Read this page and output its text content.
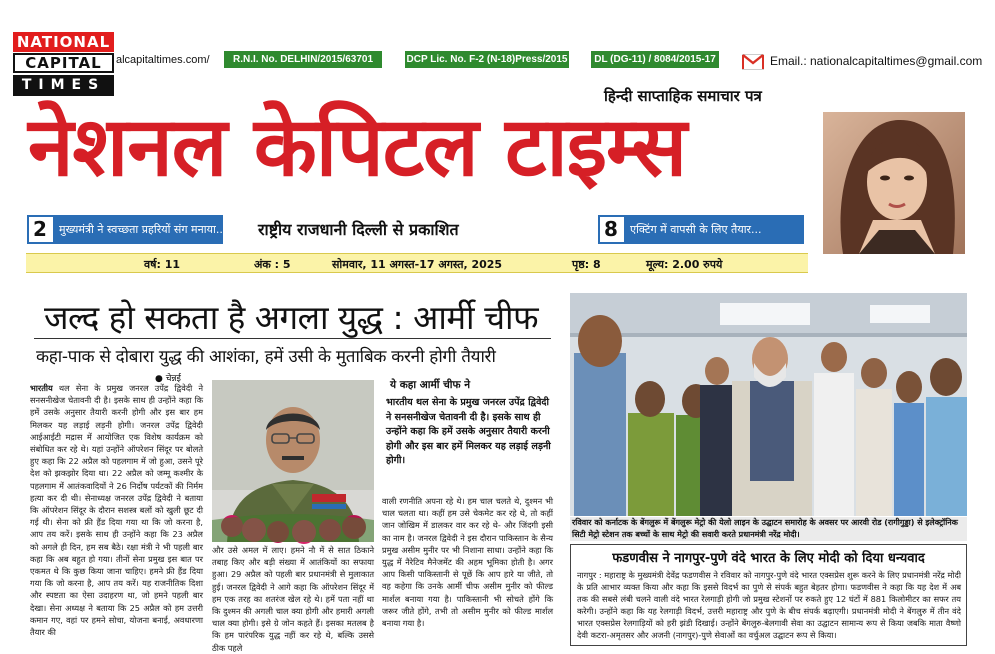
NATIONAL
CAPITAL
TIMES
alcapitaltimes.com/	R.N.I. No. DELHIN/2015/63701	DCP Lic. No. F-2 (N-18)Press/2015	DL (DG-11) / 8084/2015-17	Email.: nationalcapitaltimes@gmail.com
हिन्दी साप्ताहिक समाचार पत्र
नेशनल केपिटल टाइम्स
2	मुख्यमंत्री ने स्वच्छता प्रहरियों संग मनाया.. राष्ट्रीय राजधानी दिल्ली से प्रकाशित	8	एक्टिंग में वापसी के लिए तैयार...
वर्ष: 11	अंक : 5	सोमवार, 11 अगस्त-17 अगस्त, 2025	पृष्ठ: 8	मूल्य: 2.00 रुपये
जल्द हो सकता है अगला युद्ध : आर्मी चीफ
कहा-पाक से दोबारा युद्ध की आशंका, हमें उसी के मुताबिक करनी होगी तैयारी
● चेन्नई
भारतीय थल सेना के प्रमुख जनरल उपेंद्र द्विवेदी ने सनसनीखेज चेतावनी दी है। इसके साथ ही उन्होंने कहा कि हमें उसके अनुसार तैयारी करनी होगी और इस बार हम मिलकर यह लड़ाई लड़नी होगी। जनरल उपेंद्र द्विवेदी आईआईटी मद्रास में आयोजित एक विशेष कार्यक्रम को संबोधित कर रहे थे। यहां उन्होंने ऑपरेशन सिंदूर पर बोलते हुए कहा कि 22 अप्रैल को पहलगाम में जो हुआ, उसने पूरे देश को झकझोर दिया था। 22 अप्रैल को जम्मू कश्मीर के पहलगाम में आतंकवादियों ने 26 निर्दोष पर्यटकों की निर्मम हत्या कर दी थी। सेनाध्यक्ष जनरल उपेंद्र द्विवेदी ने बताया कि ऑपरेशन सिंदूर के दौरान सशस्त्र बलों को खुली छूट दी गई थी। सेना को फ्री हैंड दिया गया था कि जो करना है, आप तय करें। इसके साथ ही उन्होंने कहा कि 23 अप्रैल को अगले ही दिन, हम सब बैठे। रक्षा मंत्री ने भी पहली बार कहा कि अब बहुत हो गया। तीनों सेना प्रमुख इस बात पर एकमत थे कि कुछ किया जाना चाहिए। हमने फ्री हैंड दिया गया कि जो करना है, आप तय करें। यह राजनीतिक दिशा और स्पष्टता का ऐसा उदाहरण था, जो हमने पहली बार देखा। सेना अध्यक्ष ने बताया कि 25 अप्रैल को हम उत्तरी कमान गए, वहां पर हमने सोचा, योजना बनाई, अवधारणा तैयार की
और उसे अमल में लाए। हमने नौ में से सात ठिकाने तबाह किए और बड़ी संख्या में आतंकियों का सफाया हुआ। 29 अप्रैल को पहली बार प्रधानमंत्री से मुलाकात हुई। जनरल द्विवेदी ने आगे कहा कि ऑपरेशन सिंदूर में हम एक तरह का शतरंज खेल रहे थे। हमें पता नहीं था कि दुश्मन की अगली चाल क्या होगी और हमारी अगली चाल क्या होगी। इसे ग्रे जोन कहते हैं। इसका मतलब है कि हम पारंपरिक युद्ध नहीं कर रहे थे, बल्कि उससे ठीक पहले
ये कहा आर्मी चीफ ने
भारतीय थल सेना के प्रमुख जनरल उपेंद्र द्विवेदी ने सनसनीखेज चेतावनी दी है। इसके साथ ही उन्होंने कहा कि हमें उसके अनुसार तैयारी करनी होगी और इस बार हमें मिलकर यह लड़ाई लड़नी होगी।
वाली रणनीति अपना रहे थे। हम चाल चलते थे, दुश्मन भी चाल चलता था। कहीं हम उसे चेकमेट कर रहे थे, तो कहीं जान जोखिम में डालकर वार कर रहे थे- और जिंदगी इसी का नाम है। जनरल द्विवेदी ने इस दौरान पाकिस्तान के सैन्य प्रमुख असीम मुनीर पर भी निशाना साधा। उन्होंने कहा कि युद्ध में नैरेटिव मैनेजमेंट की अहम भूमिका होती है। अगर आप किसी पाकिस्तानी से पूछें कि आप हारे या जीते, तो वह कहेगा कि उनके आर्मी चीफ असीम मुनीर को फील्ड मार्शल बनाया गया है। पाकिस्तानी भी सोचते होंगे कि जरूर जीते होंगे, तभी तो असीम मुनीर को फील्ड मार्शल बनाया गया है।
रविवार को कर्नाटक के बेंगलुरू में बेंगलुरू मेट्रो की येलो लाइन के उद्घाटन समारोह के अवसर पर आरवी रोड (रागीगुड्डा) से इलेक्ट्रॉनिक सिटी मेट्रो स्टेशन तक बच्चों के साथ मेट्रो की सवारी करते प्रधानमंत्री नरेंद्र मोदी।
फडणवीस ने नागपुर-पुणे वंदे भारत के लिए मोदी को दिया धन्यवाद
नागपुर : महाराष्ट्र के मुख्यमंत्री देवेंद्र फडणवीस ने रविवार को नागपुर-पुणे वंदे भारत एक्सप्रेस शुरू करने के लिए प्रधानमंत्री नरेंद्र मोदी के प्रति आभार व्यक्त किया और कहा कि इससे विदर्भ का पुणे से संपर्क बहुत बेहतर होगा। फडणवीस ने कहा कि यह देश में अब तक की सबसे लंबी चलने वाली वंदे भारत रेलगाड़ी होगी जो प्रमुख स्टेशनों पर रुकते हुए 12 घंटों में 881 किलोमीटर का सफर तय करेगी। उन्होंने कहा कि यह रेलगाड़ी विदर्भ, उत्तरी महाराष्ट्र और पुणे के बीच संपर्क बढ़ाएगी। प्रधानमंत्री मोदी ने बेंगलुरु में तीन वंदे भारत एक्सप्रेस रेलगाड़ियों को हरी झंडी दिखाई। उन्होंने बेंगलुरु-बेलगावी सेवा का उद्घाटन सामान्य रूप से किया जबकि माता वैष्णो देवी कटरा-अमृतसर और अजनी (नागपुर)-पुणे सेवाओं का वर्चुअल उद्घाटन रूप से किया।
